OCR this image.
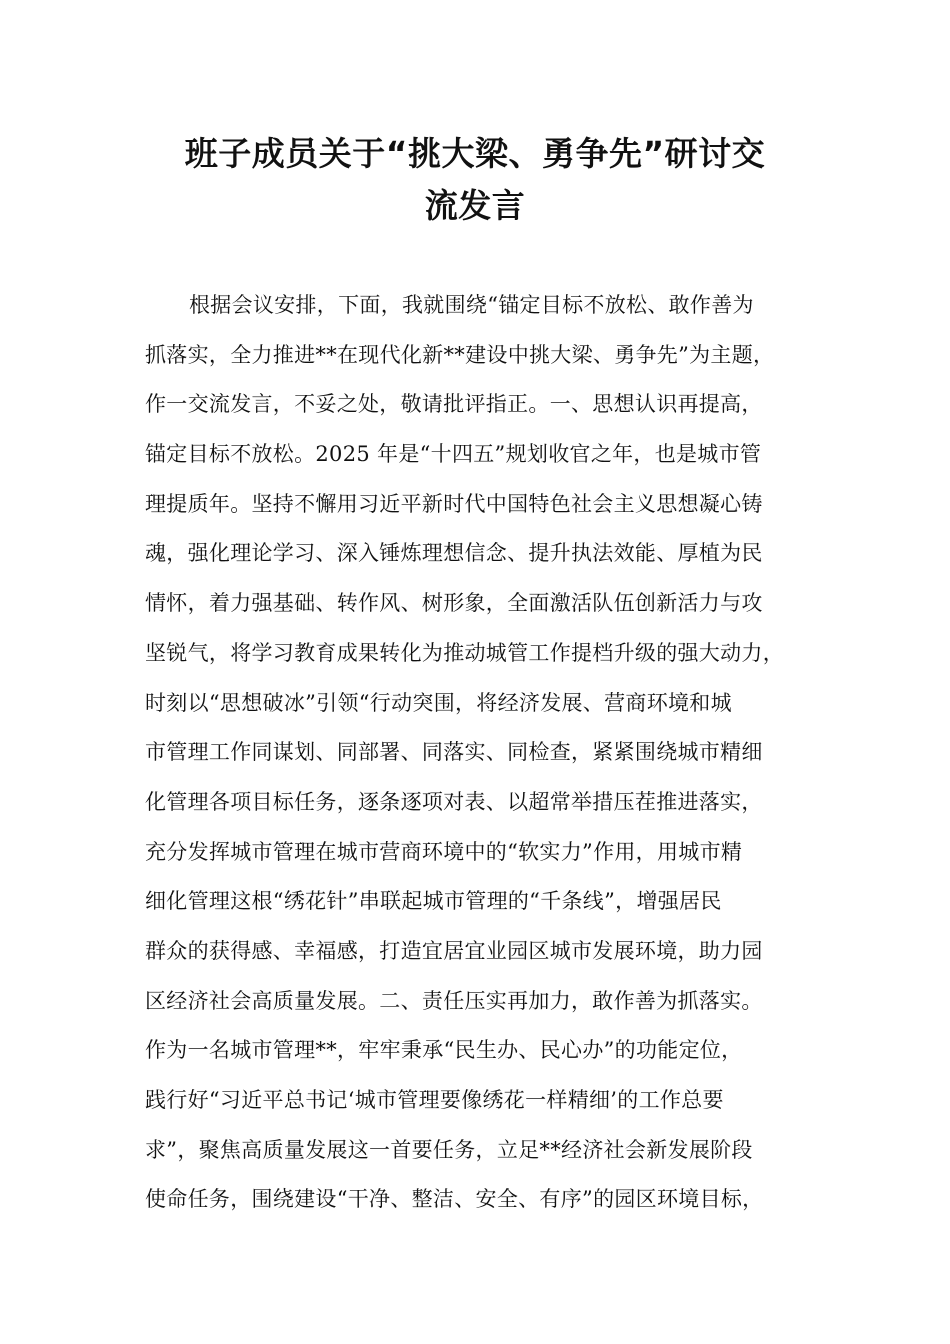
班子成员关于“挑大梁、勇争先”研讨交
流发言
根据会议安排，下面，我就围绕“锚定目标不放松、敢作善为
抓落实，全力推进**在现代化新**建设中挑大梁、勇争先”为主题，
作一交流发言，不妥之处，敬请批评指正。一、思想认识再提高，
锚定目标不放松。2025 年是“十四五”规划收官之年，也是城市管
理提质年。坚持不懈用习近平新时代中国特色社会主义思想凝心铸
魂，强化理论学习、深入锤炼理想信念、提升执法效能、厚植为民
情怀，着力强基础、转作风、树形象，全面激活队伍创新活力与攻
坚锐气，将学习教育成果转化为推动城管工作提档升级的强大动力，
时刻以“思想破冰”引领“行动突围，将经济发展、营商环境和城
市管理工作同谋划、同部署、同落实、同检查，紧紧围绕城市精细
化管理各项目标任务，逐条逐项对表、以超常举措压茬推进落实，
充分发挥城市管理在城市营商环境中的“软实力”作用，用城市精
细化管理这根“绣花针”串联起城市管理的“千条线”，增强居民
群众的获得感、幸福感，打造宜居宜业园区城市发展环境，助力园
区经济社会高质量发展。二、责任压实再加力，敢作善为抓落实。
作为一名城市管理**，牢牢秉承“民生办、民心办”的功能定位，
践行好“习近平总书记‘城市管理要像绣花一样精细’的工作总要
求”，聚焦高质量发展这一首要任务，立足**经济社会新发展阶段
使命任务，围绕建设“干净、整洁、安全、有序”的园区环境目标，
